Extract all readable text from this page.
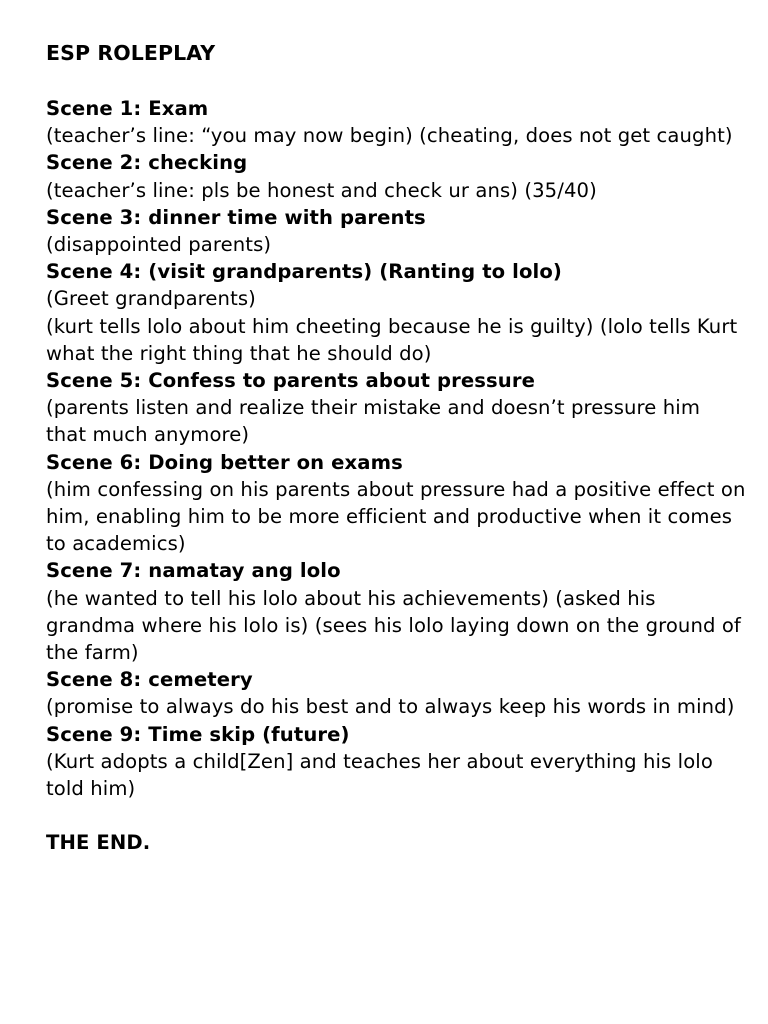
ESP ROLEPLAY

Scene 1: Exam

(teacher’s line: “you may now begin) (cheating, does not get caught)

Scene 2: checking

(teacher’s line: pls be honest and check ur ans) (35/40)

Scene 3: dinner time with parents

(disappointed parents)

Scene 4: (visit grandparents) (Ranting to lolo)

(Greet grandparents)

(kurt tells lolo about him cheeting because he is guilty) (lolo tells Kurt what the right thing that he should do)

Scene 5: Confess to parents about pressure

(parents listen and realize their mistake and doesn’t pressure him that much anymore)

Scene 6: Doing better on exams

(him confessing on his parents about pressure had a positive effect on him, enabling him to be more efficient and productive when it comes to academics)

Scene 7: namatay ang lolo

(he wanted to tell his lolo about his achievements) (asked his grandma where his lolo is) (sees his lolo laying down on the ground of the farm)

Scene 8: cemetery

(promise to always do his best and to always keep his words in mind)

Scene 9: Time skip (future)

(Kurt adopts a child[Zen] and teaches her about everything his lolo told him)

THE END.
